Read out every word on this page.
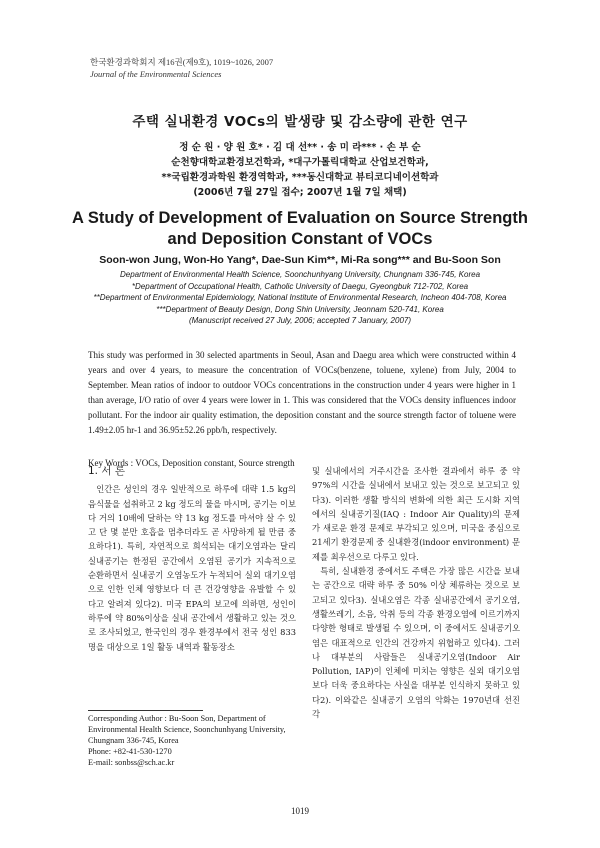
한국환경과학회지 제16권(제9호), 1019~1026, 2007
Journal of the Environmental Sciences
주택 실내환경 VOCs의 발생량 및 감소량에 관한 연구
정 순 원 · 양 원 호* · 김 대 선** · 송 미 라*** · 손 부 순
순천향대학교환경보건학과, *대구가톨릭대학교 산업보건학과,
**국립환경과학원 환경역학과, ***동신대학교 뷰티코디네이션학과
(2006년 7월 27일 접수; 2007년 1월 7일 채택)
A Study of Development of Evaluation on Source Strength
and Deposition Constant of VOCs
Soon-won Jung, Won-Ho Yang*, Dae-Sun Kim**, Mi-Ra song*** and Bu-Soon Son
Department of Environmental Health Science, Soonchunhyang University, Chungnam 336-745, Korea
*Department of Occupational Health, Catholic University of Daegu, Gyeongbuk 712-702, Korea
**Department of Environmental Epidemiology, National Institute of Environmental Research, Incheon 404-708, Korea
***Department of Beauty Design, Dong Shin University, Jeonnam 520-741, Korea
(Manuscript received 27 July, 2006; accepted 7 January, 2007)
This study was performed in 30 selected apartments in Seoul, Asan and Daegu area which were constructed within 4 years and over 4 years, to measure the concentration of VOCs(benzene, toluene, xylene) from July, 2004 to September. Mean ratios of indoor to outdoor VOCs concentrations in the construction under 4 years were higher in 1 than average, I/O ratio of over 4 years were lower in 1. This was considered that the VOCs density influences indoor pollutant. For the indoor air quality estimation, the deposition constant and the source strength factor of toluene were 1.49±2.05 hr-1 and 36.95±52.26 ppb/h, respectively.
Key Words : VOCs, Deposition constant, Source strength
1. 서 론

인간은 성인의 경우 일반적으로 하루에 대략 1.5 kg의 음식물을 섭취하고 2 kg 정도의 물을 마시며, 공기는 이보다 거의 10배에 달하는 약 13 kg 정도를 마셔야 살 수 있고 단 몇 분만 호흡을 멈추더라도 곧 사망하게 될 만큼 중요하다1). 특히, 자연적으로 희석되는 대기오염과는 달리 실내공기는 한정된 공간에서 오염된 공기가 지속적으로 순환하면서 실내공기 오염농도가 누적되어 실외 대기오염으로 인한 인체 영향보다 더 큰 건강영향을 유발할 수 있다고 알려져 있다2). 미국 EPA의 보고에 의하면, 성인이 하루에 약 80%이상을 실내 공간에서 생활하고 있는 것으로 조사되었고, 한국인의 경우 환경부에서 전국 성인 833명을 대상으로 1일 활동 내역과 활동장소

및 실내에서의 거주시간을 조사한 결과에서 하루 중 약 97%의 시간을 실내에서 보내고 있는 것으로 보고되고 있다3). 이러한 생활 방식의 변화에 의한 최근 도시화 지역에서의 실내공기질(IAQ : Indoor Air Quality)의 문제가 새로운 환경 문제로 부각되고 있으며, 미국을 중심으로 21세기 환경문제 중 실내환경(indoor environment) 문제를 최우선으로 다루고 있다.

특히, 실내환경 중에서도 주택은 가장 많은 시간을 보내는 공간으로 대략 하루 중 50% 이상 체류하는 것으로 보고되고 있다3). 실내오염은 각종 실내공간에서 공기오염, 생활쓰레기, 소음, 악취 등의 각종 환경오염에 이르기까지 다양한 형태로 발생될 수 있으며, 이 중에서도 실내공기오염은 대표적으로 인간의 건강까지 위협하고 있다4). 그러나 대부분의 사람들은 실내공기오염(Indoor Air Pollution, IAP)이 인체에 미치는 영향은 실외 대기오염보다 더욱 중요하다는 사실을 대부분 인식하지 못하고 있다2). 이와같은 실내공기 오염의 악화는 1970년대 선진 각

Corresponding Author : Bu-Soon Son, Department of Environmental Health Science, Soonchunhyang University, Chungnam 336-745, Korea
Phone: +82-41-530-1270
E-mail: sonbss@sch.ac.kr
1019
